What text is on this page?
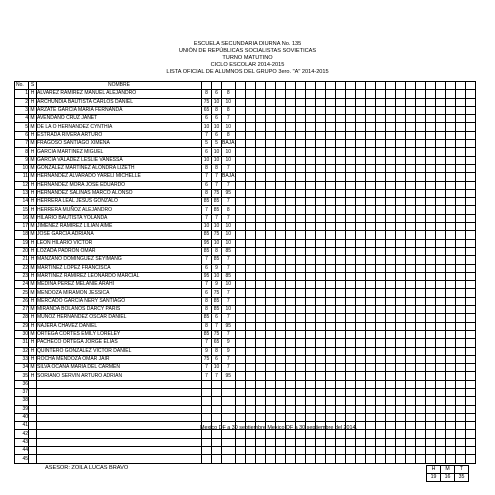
ESCUELA SECUNDARIA DIURNA No. 135
UNIÓN DE REPÚBLICAS SOCIALISTAS SOVIETICAS
TURNO MATUTINO
CICLO ESCOLAR 2014-2015
LISTA OFICIAL DE ALUMNOS DEL GRUPO 3ero. "A" 2014-2015
No.	S	NOMBRE																											
1	H	ALVAREZ RAMIREZ MANUEL ALEJANDRO	8	6	8																								
2	H	ARCHUNDIA BAUTISTA CARLOS DANIEL	75	10	10																								
3	M	ARZATE GARCIA MARIA FERNANDA	65	8	8																								
4	M	AVENDAÑO CRUZ JANET	6	6	7																								
5	M	DE LA O HERNANDEZ CYNTHIA	10	10	10																								
6	H	ESTRADA RIVERA ARTURO	7	6	8																								
7	M	FRAGOSO SANTIAGO XIMENA	5	5	BAJA																								
8	H	GARCIA MARTINEZ MIGUEL	6	10	10																								
9	M	GARCIA VALADEZ LESLIE VANESSA	10	10	10																								
10	M	GONZALEZ MARTINEZ ALONDRA LIZETH	8	8	7																								
11	M	HERNANDEZ ALVARADO YARELI MICHELLE	7	7	BAJA																								
12	H	HERNANDEZ MORA JOSE EDUARDO	6	7	7																								
13	H	HERNANDEZ SALINAS MARCO ALONSO	8	75	95																								
14	H	HERRERA LEAL JESUS GONZALO	85	85	7																								
15	H	HERRERA MUÑOZ ALEJANDRO	7	85	8																								
16	M	HILARIO BAUTISTA YOLANDA	7	7	7																								
17	M	JIMENEZ RAMIREZ LILIAN AIME	10	10	10																								
18	M	JOSE GARCIA ADRIANA	85	75	10																								
19	H	LEON HILARIO VICTOR	95	10	10																								
20	H	LOZADA PADRON OMAR	85	8	85																								
21	H	MANZANO DOMINGUEZ SEYIMANG	7	85	7																								
22	M	MARTINEZ LOPEZ FRANCISCA	6	9	7																								
23	H	MARTINEZ RAMIREZ LEONARDO MARCIAL	95	10	85																								
24	M	MEDINA PEREZ MELANIE ARAHI	7	9	10																								
25	M	MENDOZA MIRAMON JESSICA	6	75	7																								
26	H	MERCADO GARCIA NERY SANTIAGO	8	85	7																								
27	M	MIRANDA BOLAÑOS DARCY PARIS	8	85	10																								
28	H	MUÑOZ HERNANDEZ OSCAR DANIEL	85	6	7																								
29	H	NAJERA CHAVEZ DANIEL	8	7	95																								
30	M	ORTEGA CORTES EMILY LORELEY	85	75	7																								
31	H	PACHECO ORTEGA JORGE ELIAS	7	65	9																								
32	H	QUINTERO GONZALEZ VICTOR DANIEL	9	8	9																								
33	H	ROCHA MENDOZA OMAR JAIR	75	6	7																								
34	M	SILVA OCAÑA MARIA DEL CARMEN	7	10	7																								
35	H	SORIANO SERVIN ARTURO ADRIAN	7	7	95																								
36																													
37																													
38																													
39																													
40																													
41																													
42																													
43																													
44																													
45																													
Mexico DF a 30 septiembre Mexico DF a 30 septiembre del 2014.
ASESOR: ZOILA LUCAS BRAVO	H	M	T
19	16	35
